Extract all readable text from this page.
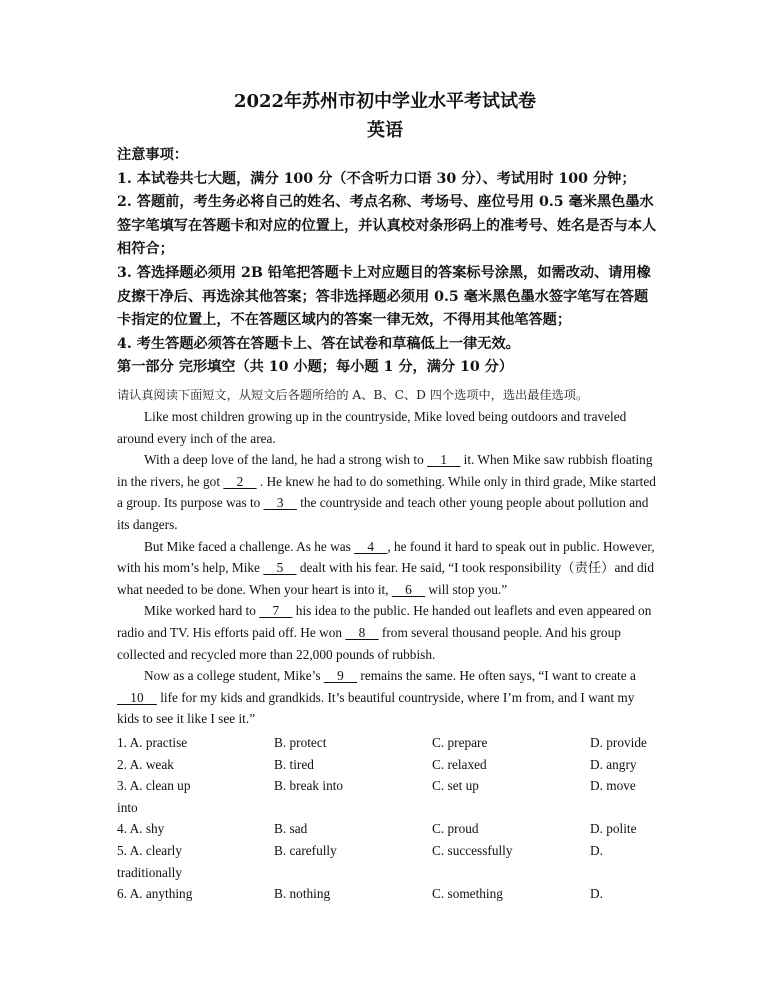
.
2022年苏州市初中学业水平考试试卷
英语

注意事项：

1. 本试卷共七大题，满分 100 分（不含听力口语 30 分）、考试用时 100 分钟；

2. 答题前，考生务必将自己的姓名、考点名称、考场号、座位号用 0.5 毫米黑色墨水签字笔填写在答题卡和对应的位置上，并认真校对条形码上的准考号、姓名是否与本人相符合；

3. 答选择题必须用 2B 铅笔把答题卡上对应题目的答案标号涂黑，如需改动、请用橡皮擦干净后、再选涂其他答案；答非选择题必须用 0.5 毫米黑色墨水签字笔写在答题卡指定的位置上，不在答题区域内的答案一律无效，不得用其他笔答题；

4. 考生答题必须答在答题卡上、答在试卷和草稿低上一律无效。

第一部分 完形填空（共 10 小题；每小题 1 分，满分 10 分）

请认真阅读下面短文，从短文后各题所给的 A、B、C、D 四个选项中，选出最佳选项。

Like most children growing up in the countryside, Mike loved being outdoors and traveled around every inch of the area.

With a deep love of the land, he had a strong wish to     1     it. When Mike saw rubbish floating in the rivers, he got     2     . He knew he had to do something. While only in third grade, Mike started a group. Its purpose was to     3     the countryside and teach other young people about pollution and its dangers.

But Mike faced a challenge. As he was     4    , he found it hard to speak out in public. However, with his mom’s help, Mike     5     dealt with his fear. He said, “I took responsibility（责任）and did what needed to be done. When your heart is into it,     6     will stop you.”

Mike worked hard to     7     his idea to the public. He handed out leaflets and even appeared on radio and TV. His efforts paid off. He won     8     from several thousand people. And his group collected and recycled more than 22,000 pounds of rubbish.

Now as a college student, Mike’s     9     remains the same. He often says, “I want to create a     10     life for my kids and grandkids. It’s beautiful countryside, where I’m from, and I want my kids to see it like I see it.”

1. A. practise	B. protect	C. prepare	D. provide
2. A. weak	B. tired	C. relaxed	D. angry
3. A. clean up	B. break into	C. set up	D. move
into
4. A. shy	B. sad	C. proud	D. polite
5. A. clearly	B. carefully	C. successfully	D.
traditionally
6. A. anything	B. nothing	C. something	D.
